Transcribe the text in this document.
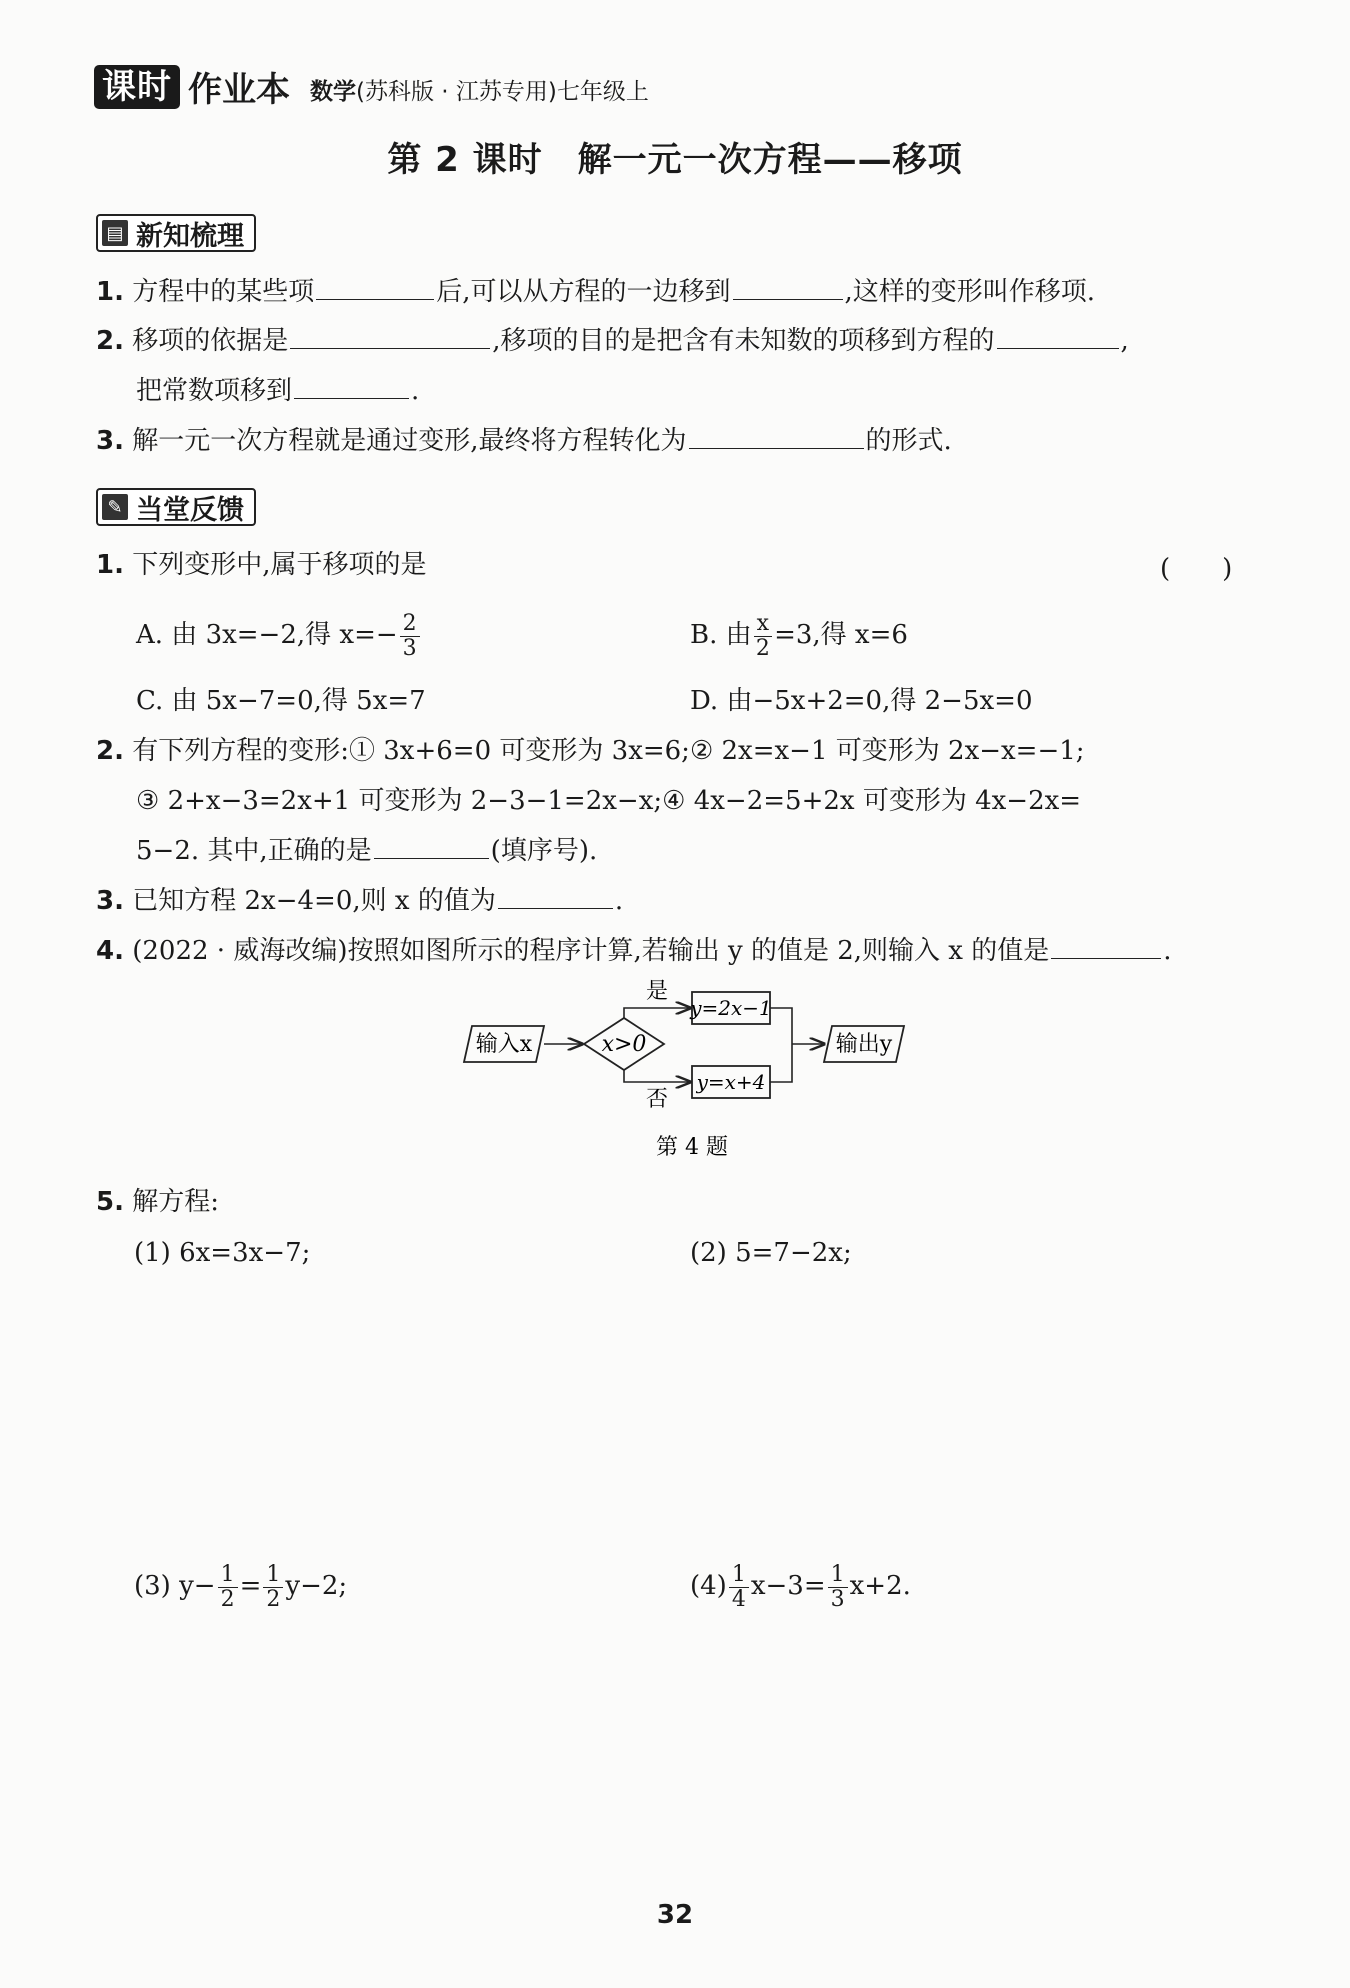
课时 作业本 数学(苏科版 · 江苏专用)七年级上
第 2 课时　解一元一次方程——移项
▤ 新知梳理
1. 方程中的某些项	后,可以从方程的一边移到	,这样的变形叫作移项.
2. 移项的依据是	,移项的目的是把含有未知数的项移到方程的	,
把常数项移到	.
3. 解一元一次方程就是通过变形,最终将方程转化为	的形式.
✎ 当堂反馈
1. 下列变形中,属于移项的是	(　　)
A. 由 3x=−2,得 $x=- \frac{2}{3}$	B. 由 $\frac{x}{2} =3$,得 x=6
C. 由 5x−7=0,得 5x=7	D. 由−5x+2=0,得 2−5x=0
2. 有下列方程的变形:① 3x+6=0 可变形为 3x=6;② 2x=x−1 可变形为 2x−x=−1;
③ 2+x−3=2x+1 可变形为 2−3−1=2x−x;④ 4x−2=5+2x 可变形为 4x−2x=
5−2. 其中,正确的是	(填序号).
3. 已知方程 2x−4=0,则 x 的值为	.
4. (2022 · 威海改编)按照如图所示的程序计算,若输出 y 的值是 2,则输入 x 的值是	.
输入x	x>0
是
y=2x−1
否
y=x+4
输出y
第 4 题
5. 解方程:
(1) 6x=3x−7;	(2) 5=7−2x;
(3) $y- \frac{1}{2} = \frac{1}{2} y-2$;	$(4) \frac{1}{4} x-3= \frac{1}{3} x+2$.
32
